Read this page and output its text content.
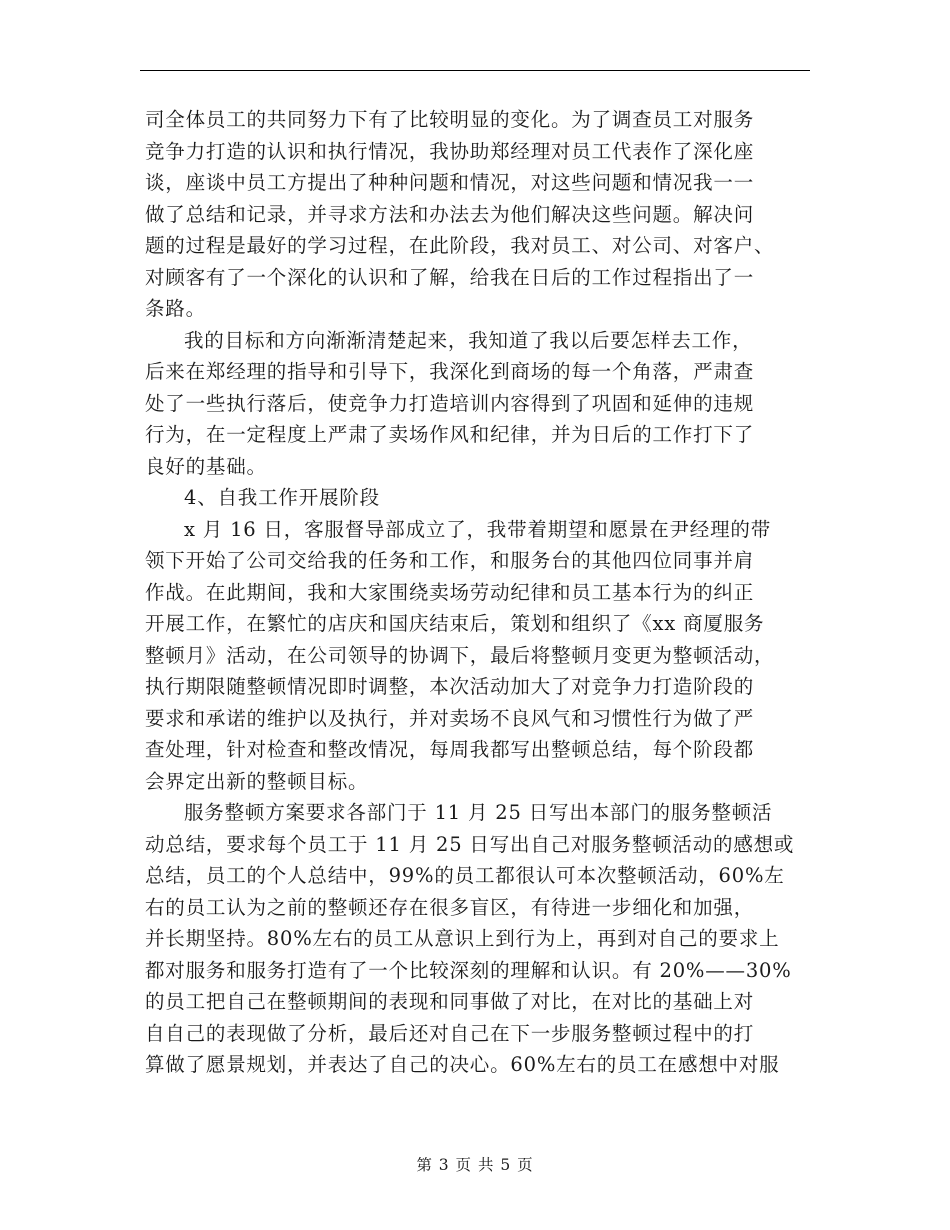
司全体员工的共同努力下有了比较明显的变化。为了调查员工对服务
竞争力打造的认识和执行情况，我协助郑经理对员工代表作了深化座
谈，座谈中员工方提出了种种问题和情况，对这些问题和情况我一一
做了总结和记录，并寻求方法和办法去为他们解决这些问题。解决问
题的过程是最好的学习过程，在此阶段，我对员工、对公司、对客户、
对顾客有了一个深化的认识和了解，给我在日后的工作过程指出了一
条路。
我的目标和方向渐渐清楚起来，我知道了我以后要怎样去工作，
后来在郑经理的指导和引导下，我深化到商场的每一个角落，严肃查
处了一些执行落后，使竞争力打造培训内容得到了巩固和延伸的违规
行为，在一定程度上严肃了卖场作风和纪律，并为日后的工作打下了
良好的基础。
4、自我工作开展阶段
x 月 16 日，客服督导部成立了，我带着期望和愿景在尹经理的带
领下开始了公司交给我的任务和工作，和服务台的其他四位同事并肩
作战。在此期间，我和大家围绕卖场劳动纪律和员工基本行为的纠正
开展工作，在繁忙的店庆和国庆结束后，策划和组织了《xx 商厦服务
整顿月》活动，在公司领导的协调下，最后将整顿月变更为整顿活动，
执行期限随整顿情况即时调整，本次活动加大了对竞争力打造阶段的
要求和承诺的维护以及执行，并对卖场不良风气和习惯性行为做了严
查处理，针对检查和整改情况，每周我都写出整顿总结，每个阶段都
会界定出新的整顿目标。
服务整顿方案要求各部门于 11 月 25 日写出本部门的服务整顿活
动总结，要求每个员工于 11 月 25 日写出自己对服务整顿活动的感想或
总结，员工的个人总结中，99%的员工都很认可本次整顿活动，60%左
右的员工认为之前的整顿还存在很多盲区，有待进一步细化和加强，
并长期坚持。80%左右的员工从意识上到行为上，再到对自己的要求上
都对服务和服务打造有了一个比较深刻的理解和认识。有 20%——30%
的员工把自己在整顿期间的表现和同事做了对比，在对比的基础上对
自自己的表现做了分析，最后还对自己在下一步服务整顿过程中的打
算做了愿景规划，并表达了自己的决心。60%左右的员工在感想中对服
第 3 页 共 5 页
